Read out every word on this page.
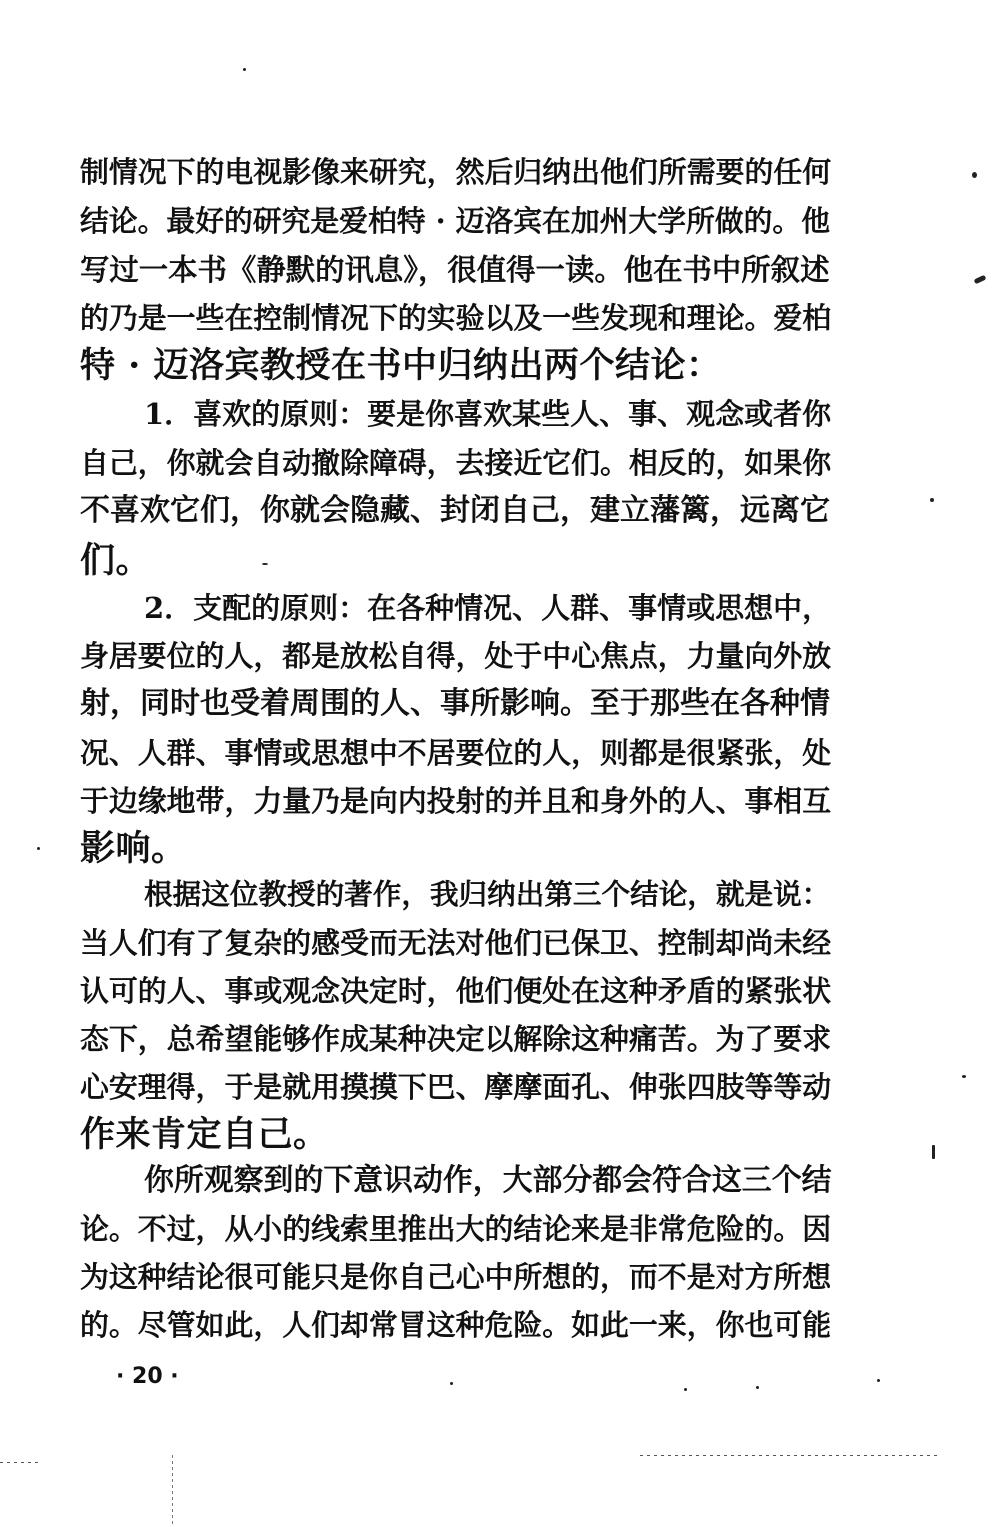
制情况下的电视影像来研究，然后归纳出他们所需要的任何
结论。最好的研究是爱柏特 · 迈洛宾在加州大学所做的。他
写过一本书《静默的讯息》，很值得一读。他在书中所叙述
的乃是一些在控制情况下的实验以及一些发现和理论。爱柏
特 · 迈洛宾教授在书中归纳出两个结论：
1．喜欢的原则：要是你喜欢某些人、事、观念或者你
自己，你就会自动撤除障碍，去接近它们。相反的，如果你
不喜欢它们，你就会隐藏、封闭自己，建立藩篱，远离它
们。
2．支配的原则：在各种情况、人群、事情或思想中，
身居要位的人，都是放松自得，处于中心焦点，力量向外放
射，同时也受着周围的人、事所影响。至于那些在各种情
况、人群、事情或思想中不居要位的人，则都是很紧张，处
于边缘地带，力量乃是向内投射的并且和身外的人、事相互
影响。
根据这位教授的著作，我归纳出第三个结论，就是说：
当人们有了复杂的感受而无法对他们已保卫、控制却尚未经
认可的人、事或观念决定时，他们便处在这种矛盾的紧张状
态下，总希望能够作成某种决定以解除这种痛苦。为了要求
心安理得，于是就用摸摸下巴、摩摩面孔、伸张四肢等等动
作来肯定自己。
你所观察到的下意识动作，大部分都会符合这三个结
论。不过，从小的线索里推出大的结论来是非常危险的。因
为这种结论很可能只是你自己心中所想的，而不是对方所想
的。尽管如此，人们却常冒这种危险。如此一来，你也可能
· 20 ·
